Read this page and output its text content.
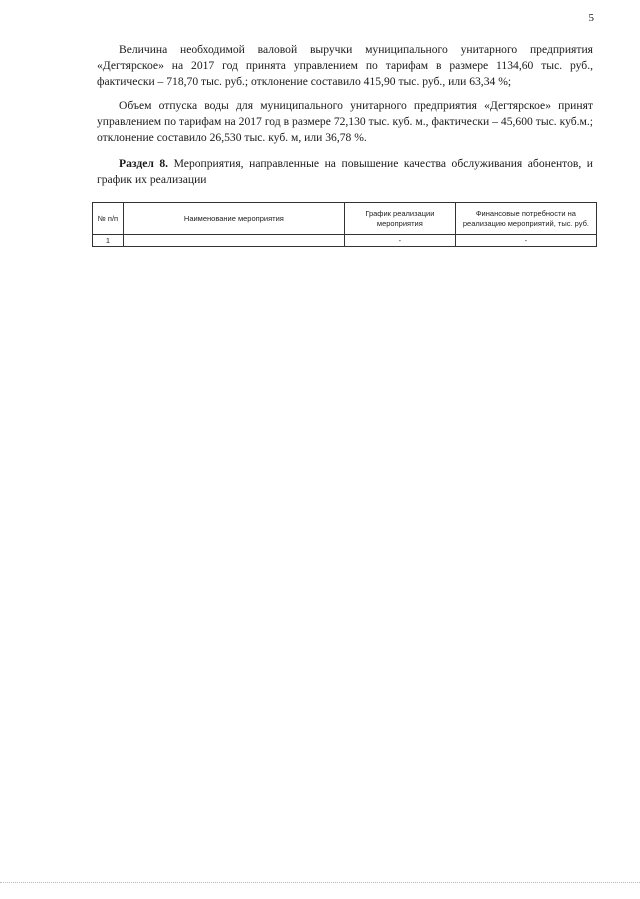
5

Величина необходимой валовой выручки муниципального унитарного предприятия «Дегтярское» на 2017 год принята управлением по тарифам в размере 1134,60 тыс. руб., фактически – 718,70 тыс. руб.; отклонение составило 415,90 тыс. руб., или 63,34 %;

Объем отпуска воды для муниципального унитарного предприятия «Дегтярское» принят управлением по тарифам на 2017 год в размере 72,130 тыс. куб. м., фактически – 45,600 тыс. куб.м.; отклонение составило 26,530 тыс. куб. м, или 36,78 %.

Раздел 8. Мероприятия, направленные на повышение качества обслуживания абонентов, и график их реализации

№ п/п	Наименование мероприятия	График реализации мероприятия	Финансовые потребности на реализацию мероприятий, тыс. руб.
1		-	-
